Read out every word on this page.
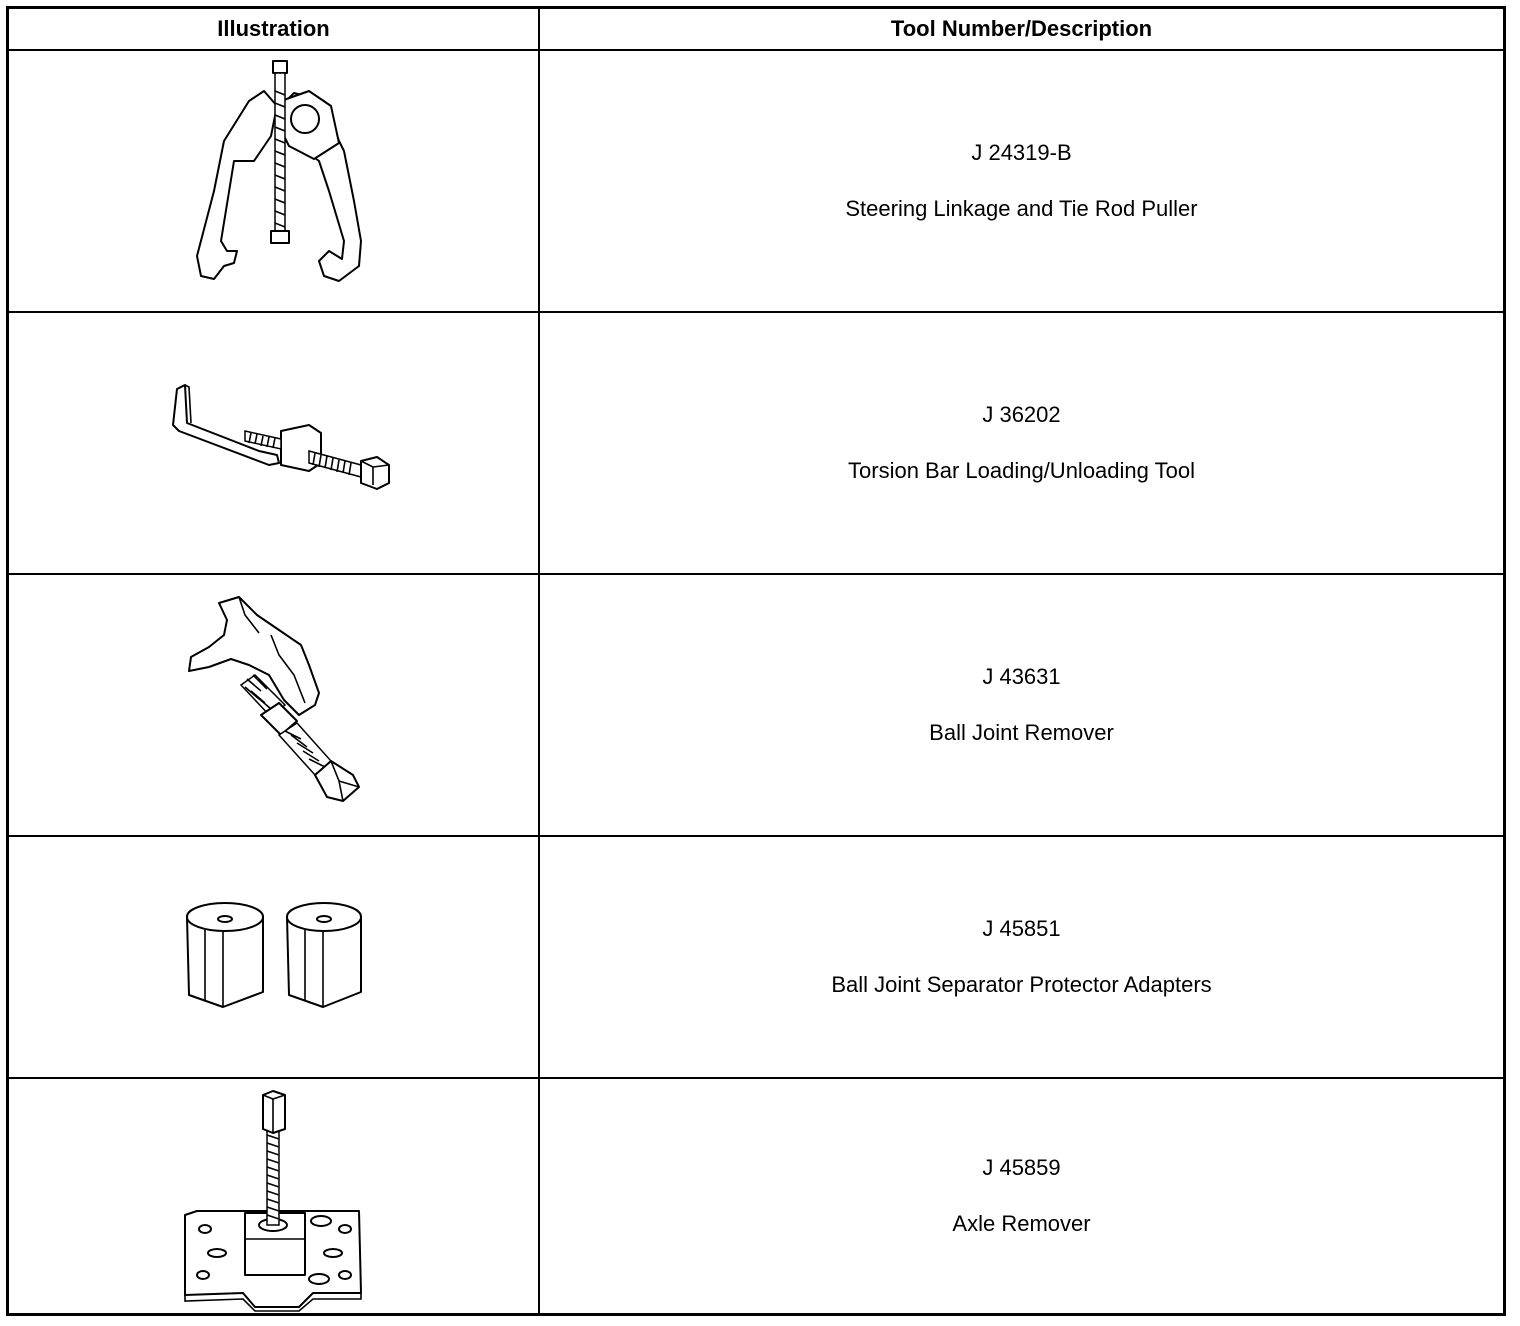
Illustration	Tool Number/Description
J 24319-B
Steering Linkage and Tie Rod Puller
J 36202
Torsion Bar Loading/Unloading Tool
J 43631
Ball Joint Remover
J 45851
Ball Joint Separator Protector Adapters
J 45859
Axle Remover
